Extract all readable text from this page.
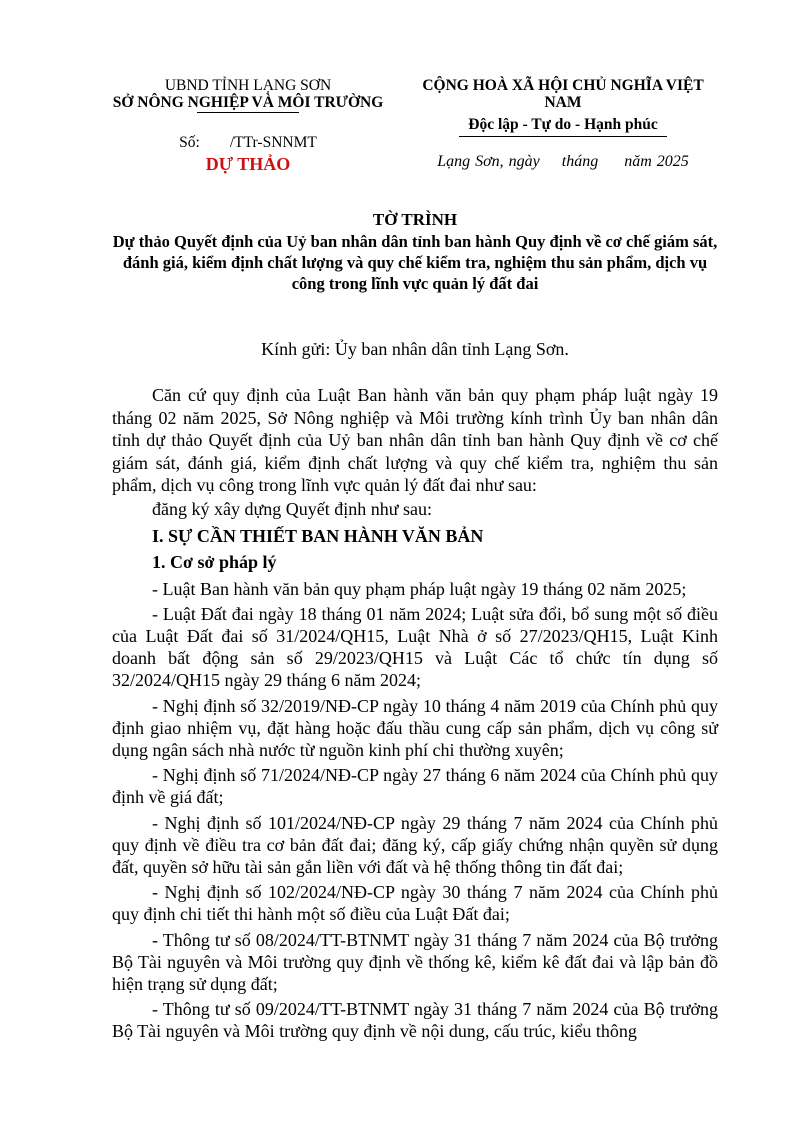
UBND TỈNH LẠNG SƠN
SỞ NÔNG NGHIỆP VÀ MÔI TRƯỜNG
Số: /TTr-SNNMT
DỰ THẢO
CỘNG HOÀ XÃ HỘI CHỦ NGHĨA VIỆT NAM
Độc lập - Tự do - Hạnh phúc
Lạng Sơn, ngày tháng năm 2025
TỜ TRÌNH
Dự thảo Quyết định của Uỷ ban nhân dân tỉnh ban hành Quy định về cơ chế giám sát, đánh giá, kiểm định chất lượng và quy chế kiểm tra, nghiệm thu sản phẩm, dịch vụ công trong lĩnh vực quản lý đất đai
Kính gửi: Ủy ban nhân dân tỉnh Lạng Sơn.

Căn cứ quy định của Luật Ban hành văn bản quy phạm pháp luật ngày 19 tháng 02 năm 2025, Sở Nông nghiệp và Môi trường kính trình Ủy ban nhân dân tỉnh dự thảo Quyết định của Uỷ ban nhân dân tỉnh ban hành Quy định về cơ chế giám sát, đánh giá, kiểm định chất lượng và quy chế kiểm tra, nghiệm thu sản phẩm, dịch vụ công trong lĩnh vực quản lý đất đai như sau:

đăng ký xây dựng Quyết định như sau:

I. SỰ CẦN THIẾT BAN HÀNH VĂN BẢN
1. Cơ sở pháp lý

- Luật Ban hành văn bản quy phạm pháp luật ngày 19 tháng 02 năm 2025;

- Luật Đất đai ngày 18 tháng 01 năm 2024; Luật sửa đổi, bổ sung một số điều của Luật Đất đai số 31/2024/QH15, Luật Nhà ở số 27/2023/QH15, Luật Kinh doanh bất động sản số 29/2023/QH15 và Luật Các tổ chức tín dụng số 32/2024/QH15 ngày 29 tháng 6 năm 2024;

- Nghị định số 32/2019/NĐ-CP ngày 10 tháng 4 năm 2019 của Chính phủ quy định giao nhiệm vụ, đặt hàng hoặc đấu thầu cung cấp sản phẩm, dịch vụ công sử dụng ngân sách nhà nước từ nguồn kinh phí chi thường xuyên;

- Nghị định số 71/2024/NĐ-CP ngày 27 tháng 6 năm 2024 của Chính phủ quy định về giá đất;

- Nghị định số 101/2024/NĐ-CP ngày 29 tháng 7 năm 2024 của Chính phủ quy định về điều tra cơ bản đất đai; đăng ký, cấp giấy chứng nhận quyền sử dụng đất, quyền sở hữu tài sản gắn liền với đất và hệ thống thông tin đất đai;

- Nghị định số 102/2024/NĐ-CP ngày 30 tháng 7 năm 2024 của Chính phủ quy định chi tiết thi hành một số điều của Luật Đất đai;

- Thông tư số 08/2024/TT-BTNMT ngày 31 tháng 7 năm 2024 của Bộ trưởng Bộ Tài nguyên và Môi trường quy định về thống kê, kiểm kê đất đai và lập bản đồ hiện trạng sử dụng đất;

- Thông tư số 09/2024/TT-BTNMT ngày 31 tháng 7 năm 2024 của Bộ trưởng Bộ Tài nguyên và Môi trường quy định về nội dung, cấu trúc, kiểu thông
